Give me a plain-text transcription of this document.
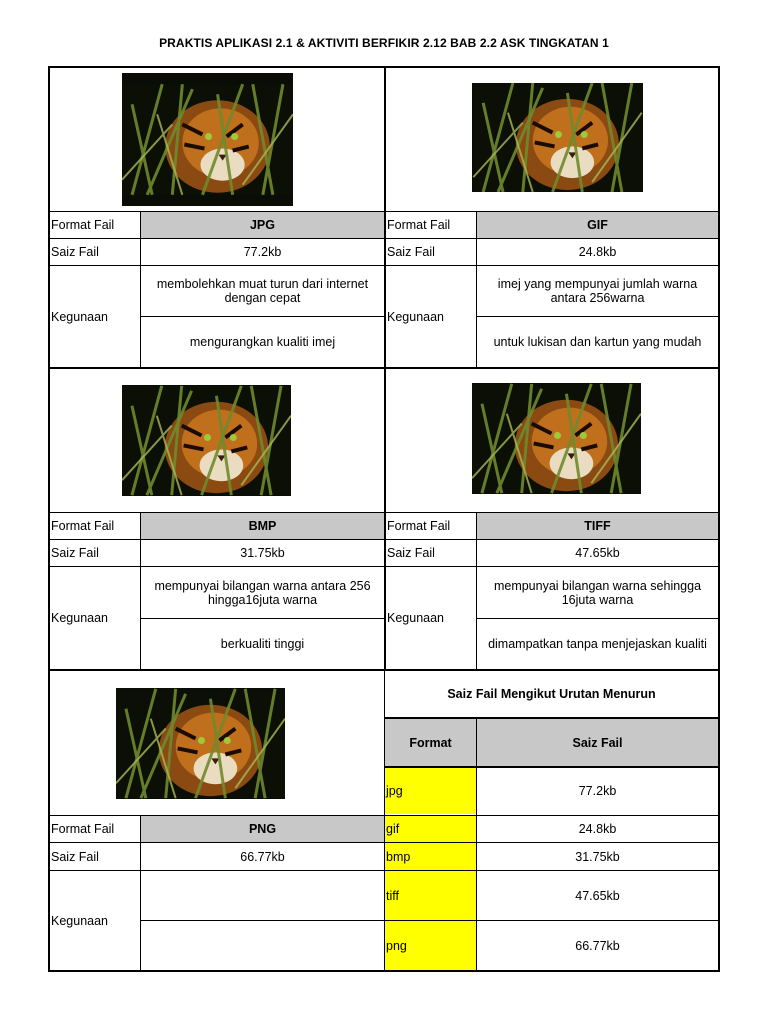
PRAKTIS APLIKASI 2.1 & AKTIVITI BERFIKIR 2.12 BAB 2.2 ASK TINGKATAN 1
Format Fail	JPG
Saiz Fail	77.2kb
Kegunaan
membolehkan muat turun dari internet dengan cepat
mengurangkan kualiti imej
Format Fail	GIF
Saiz Fail	24.8kb
Kegunaan
imej yang mempunyai jumlah warna antara 256warna
untuk lukisan dan kartun yang mudah
Format Fail	BMP
Saiz Fail	31.75kb
Kegunaan
mempunyai bilangan warna antara 256 hingga16juta warna
berkualiti tinggi
Format Fail	TIFF
Saiz Fail	47.65kb
Kegunaan
mempunyai bilangan warna sehingga 16juta warna
dimampatkan tanpa menjejaskan kualiti
Format Fail	PNG
Saiz Fail	66.77kb
Kegunaan
Saiz Fail Mengikut Urutan Menurun
Format	Saiz Fail
jpg	77.2kb
gif	24.8kb
bmp	31.75kb
tiff	47.65kb
png	66.77kb
